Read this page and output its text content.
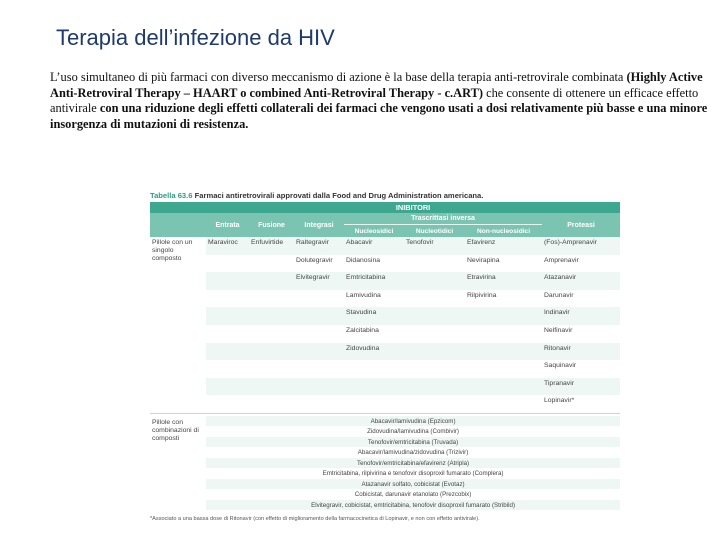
Terapia dell’infezione da HIV

L’uso simultaneo di più farmaci con diverso meccanismo di azione è la base della terapia anti-retrovirale combinata (Highly Active Anti-Retroviral Therapy – HAART o combined Anti-Retroviral Therapy - c.ART) che consente di ottenere un efficace effetto antivirale con una riduzione degli effetti collaterali dei farmaci che vengono usati a dosi relativamente più basse e una minore insorgenza di mutazioni di resistenza.

Tabella 63.6 Farmaci antiretrovirali approvati dalla Food and Drug Administration americana.
	INIBITORI						
	Entrata	Fusione	Integrasi	Trascrittasi inversa			Proteasi
				Nucleosidici	Nucleotidici	Non-nucleosidici	
Pillole con un singolo composto	Maraviroc	Enfuvirtide	Raltegravir	Abacavir	Tenofovir	Efavirenz	(Fos)-Amprenavir
			Dolutegravir	Didanosina		Nevirapina	Amprenavir
			Elvitegravir	Emtricitabina		Etravirina	Atazanavir
				Lamivudina		Rilpivirina	Darunavir
				Stavudina			Indinavir
				Zalcitabina			Nelfinavir
				Zidovudina			Ritonavir
							Saquinavir
							Tipranavir
							Lopinavir*

Pillole con combinazioni di composti	Abacavir/lamivudina (Epzicom)						
	Zidovudina/lamivudina (Combivir)						
	Tenofovir/emtricitabina (Truvada)						
	Abacavir/lamivudina/zidovudina (Trizivir)						
	Tenofovir/emtricitabina/efavirenz (Atripla)						
	Emtricitabina, rilpivirina e tenofovir disoproxil fumarato (Complera)						
	Atazanavir solfato, cobicistat (Evotaz)						
	Cobicistat, darunavir etanolato (Prezcobix)						
	Elvitegravir, cobicistat, emtricitabina, tenofovir disoproxil fumarato (Stribild)						
*Associato a una bassa dose di Ritonavir (con effetto di miglioramento della farmacocinetica di Lopinavir, e non con effetto antivirale).
